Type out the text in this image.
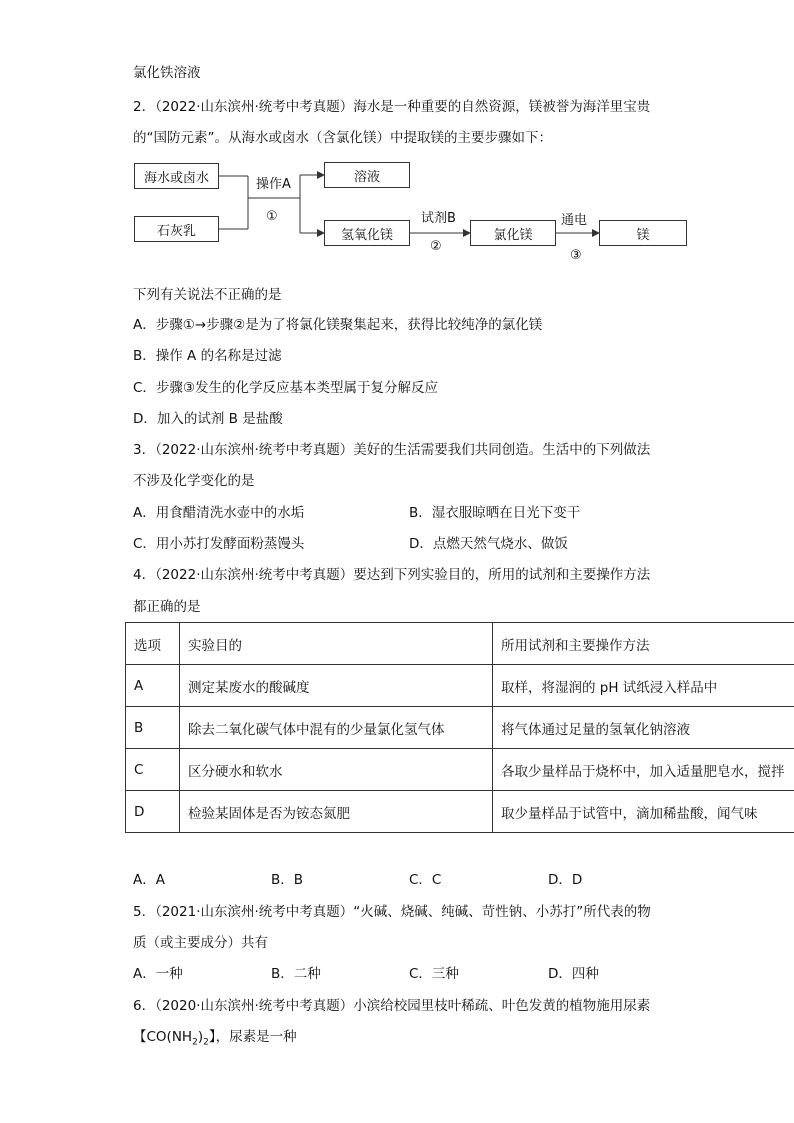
氯化铁溶液
2．（2022·山东滨州·统考中考真题）海水是一种重要的自然资源，镁被誉为海洋里宝贵
的“国防元素”。从海水或卤水（含氯化镁）中提取镁的主要步骤如下：
海水或卤水
石灰乳
溶液
氢氧化镁	氯化镁	镁
操作A
①	试剂B
②
通电
③
下列有关说法不正确的是
A．步骤①→步骤②是为了将氯化镁聚集起来，获得比较纯净的氯化镁
B．操作 A 的名称是过滤
C．步骤③发生的化学反应基本类型属于复分解反应
D．加入的试剂 B 是盐酸
3．（2022·山东滨州·统考中考真题）美好的生活需要我们共同创造。生活中的下列做法
不涉及化学变化的是
A．用食醋清洗水壶中的水垢	B．湿衣服晾晒在日光下变干
C．用小苏打发酵面粉蒸馒头	D．点燃天然气烧水、做饭
4．（2022·山东滨州·统考中考真题）要达到下列实验目的，所用的试剂和主要操作方法
都正确的是
选项	实验目的	所用试剂和主要操作方法
A	测定某废水的酸碱度	取样，将湿润的 pH 试纸浸入样品中
B	除去二氧化碳气体中混有的少量氯化氢气体	将气体通过足量的氢氧化钠溶液
C	区分硬水和软水	各取少量样品于烧杯中，加入适量肥皂水，搅拌
D	检验某固体是否为铵态氮肥	取少量样品于试管中，滴加稀盐酸，闻气味
A．A	B．B	C．C	D．D
5．（2021·山东滨州·统考中考真题）“火碱、烧碱、纯碱、苛性钠、小苏打”所代表的物
质（或主要成分）共有
A．一种	B．二种	C．三种	D．四种
6．（2020·山东滨州·统考中考真题）小滨给校园里枝叶稀疏、叶色发黄的植物施用尿素
【$CO(NH_2)_2$】，尿素是一种
